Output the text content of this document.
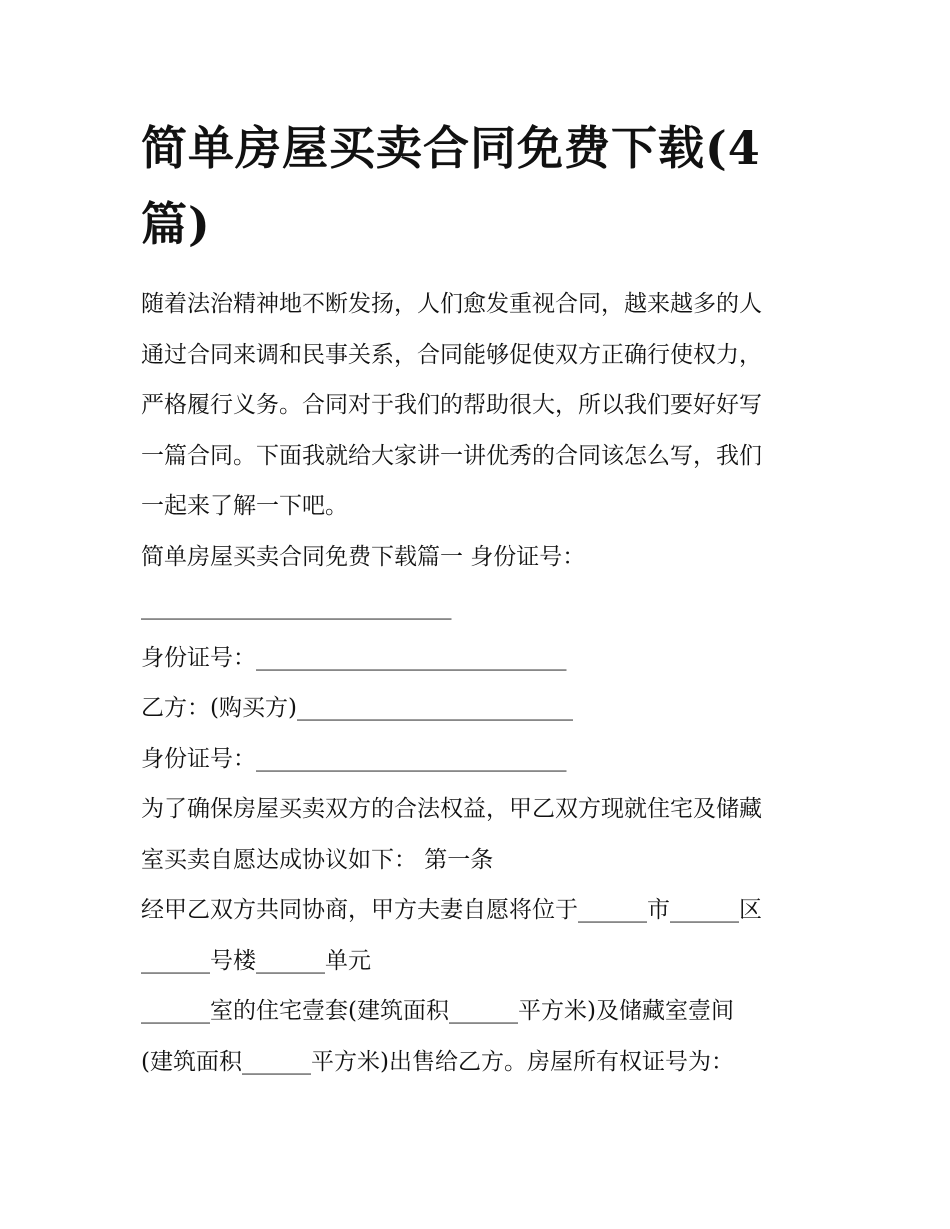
简单房屋买卖合同免费下载(4篇)

随着法治精神地不断发扬，人们愈发重视合同，越来越多的人

通过合同来调和民事关系，合同能够促使双方正确行使权力，

严格履行义务。合同对于我们的帮助很大，所以我们要好好写

一篇合同。下面我就给大家讲一讲优秀的合同该怎么写，我们

一起来了解一下吧。

简单房屋买卖合同免费下载篇一 身份证号：

___________________________

身份证号：___________________________

乙方：(购买方)________________________

身份证号：___________________________

为了确保房屋买卖双方的合法权益，甲乙双方现就住宅及储藏

室买卖自愿达成协议如下： 第一条

经甲乙双方共同协商，甲方夫妻自愿将位于______市______区

______号楼______单元

______室的住宅壹套(建筑面积______平方米)及储藏室壹间

(建筑面积______平方米)出售给乙方。房屋所有权证号为：
